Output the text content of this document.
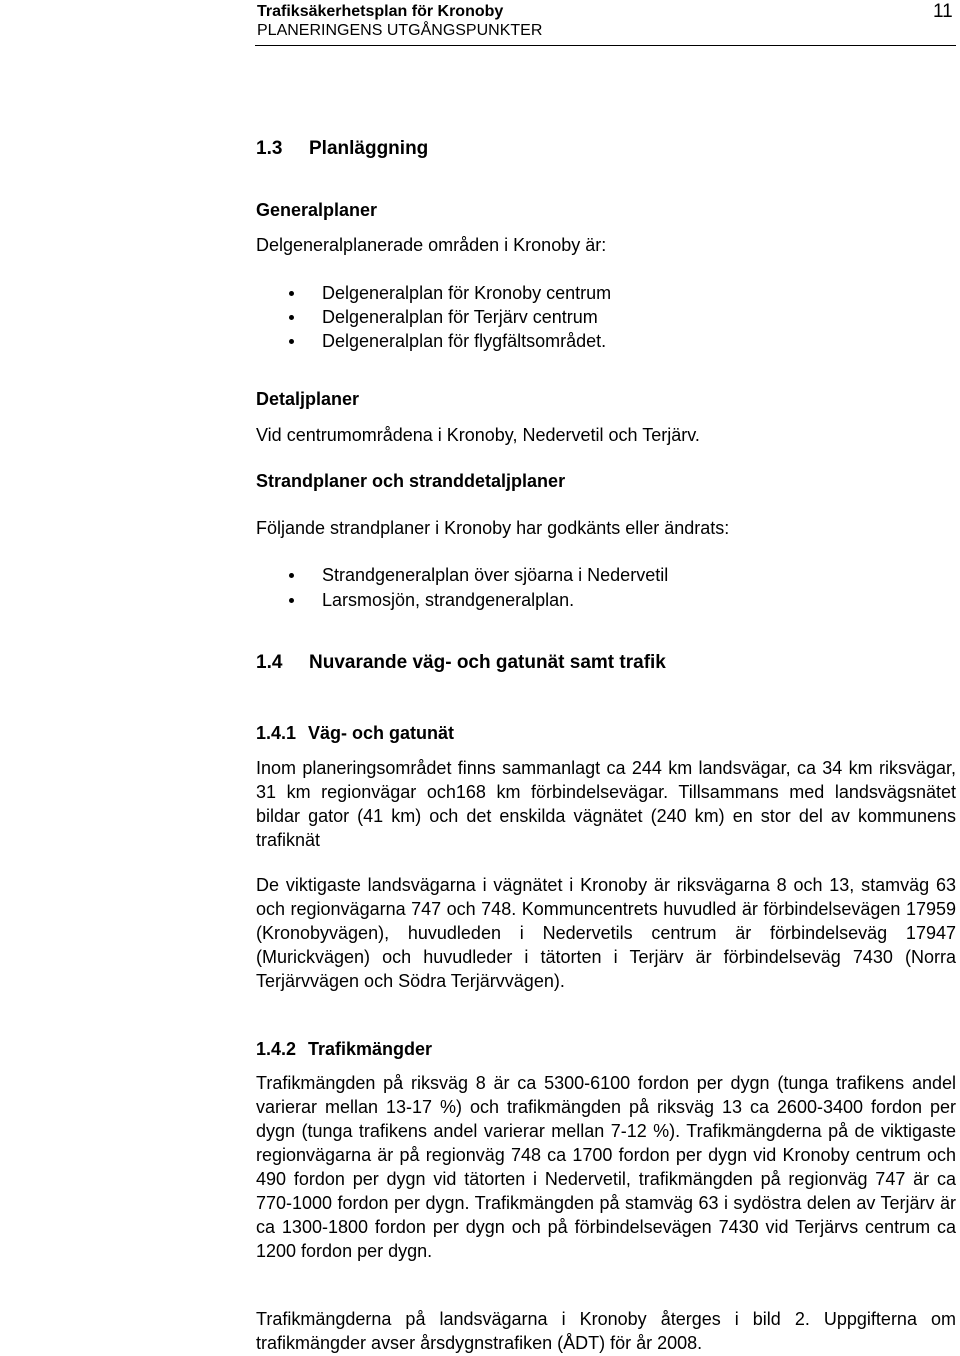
Trafiksäkerhetsplan för Kronoby
PLANERINGENS UTGÅNGSPUNKTER
11
1.3 Planläggning
Generalplaner
Delgeneralplanerade områden i Kronoby är:
Delgeneralplan för Kronoby centrum
Delgeneralplan för Terjärv centrum
Delgeneralplan för flygfältsområdet.
Detaljplaner
Vid centrumområdena i Kronoby, Nedervetil och Terjärv.
Strandplaner och stranddetaljplaner
Följande strandplaner i Kronoby har godkänts eller ändrats:
Strandgeneralplan över sjöarna i Nedervetil
Larsmosjön, strandgeneralplan.
1.4 Nuvarande väg- och gatunät samt trafik
1.4.1 Väg- och gatunät
Inom planeringsområdet finns sammanlagt ca 244 km landsvägar, ca 34 km riksvägar, 31 km regionvägar och168 km förbindelsevägar. Tillsammans med landsvägsnätet bildar gator (41 km) och det enskilda vägnätet (240 km) en stor del av kommunens trafiknät
De viktigaste landsvägarna i vägnätet i Kronoby är riksvägarna 8 och 13, stamväg 63 och regionvägarna 747 och 748. Kommuncentrets huvudled är förbindelsevägen 17959 (Kronobyvägen), huvudleden i Nedervetils centrum är förbindelseväg 17947 (Murickvägen) och huvudleder i tätorten i Terjärv är förbindelseväg 7430 (Norra Terjärvvägen och Södra Terjärvvägen).
1.4.2 Trafikmängder
Trafikmängden på riksväg 8 är ca 5300-6100 fordon per dygn (tunga trafikens andel varierar mellan 13-17 %) och trafikmängden på riksväg 13 ca 2600-3400 fordon per dygn (tunga trafikens andel varierar mellan 7-12 %). Trafikmängderna på de viktigaste regionvägarna är på regionväg 748 ca 1700 fordon per dygn vid Kronoby centrum och 490 fordon per dygn vid tätorten i Nedervetil, trafikmängden på regionväg 747 är ca 770-1000 fordon per dygn. Trafikmängden på stamväg 63 i sydöstra delen av Terjärv är ca 1300-1800 fordon per dygn och på förbindelsevägen 7430 vid Terjärvs centrum ca 1200 fordon per dygn.
Trafikmängderna på landsvägarna i Kronoby återges i bild 2. Uppgifterna om trafikmängder avser årsdygnstrafiken (ÅDT) för år 2008.
